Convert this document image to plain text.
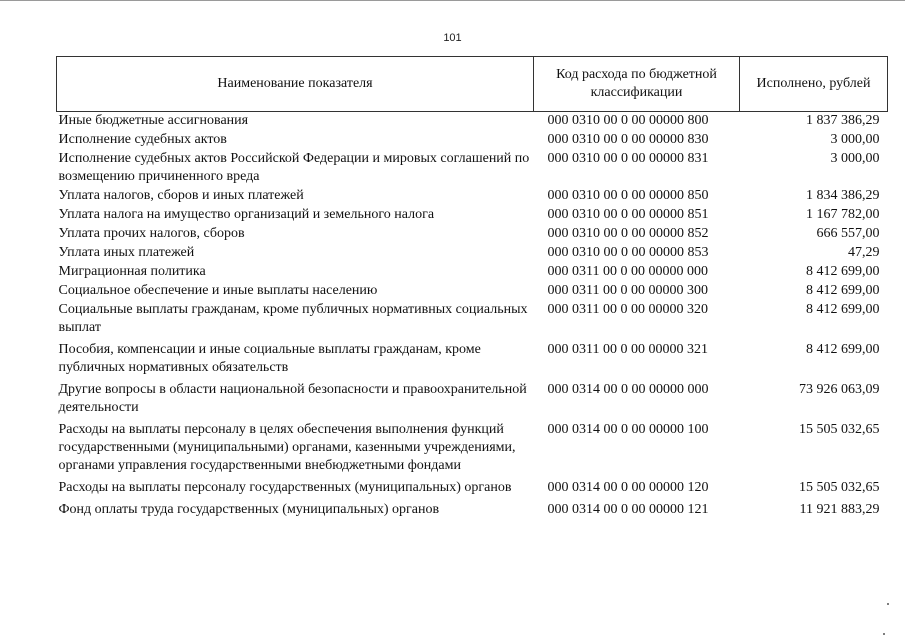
101
Наименование показателя	Код расхода по бюджетной классификации	Исполнено, рублей
Иные бюджетные ассигнования	000 0310 00 0 00 00000 800	1 837 386,29
Исполнение судебных актов	000 0310 00 0 00 00000 830	3 000,00
Исполнение судебных актов Российской Федерации и мировых соглашений по возмещению причиненного вреда	000 0310 00 0 00 00000 831	3 000,00
Уплата налогов, сборов и иных платежей	000 0310 00 0 00 00000 850	1 834 386,29
Уплата налога на имущество организаций и земельного налога	000 0310 00 0 00 00000 851	1 167 782,00
Уплата прочих налогов, сборов	000 0310 00 0 00 00000 852	666 557,00
Уплата иных платежей	000 0310 00 0 00 00000 853	47,29
Миграционная политика	000 0311 00 0 00 00000 000	8 412 699,00
Социальное обеспечение и иные выплаты населению	000 0311 00 0 00 00000 300	8 412 699,00
Социальные выплаты гражданам, кроме публичных нормативных социальных выплат	000 0311 00 0 00 00000 320	8 412 699,00
Пособия, компенсации и иные социальные выплаты гражданам, кроме публичных нормативных обязательств	000 0311 00 0 00 00000 321	8 412 699,00
Другие вопросы в области национальной безопасности и правоохранительной деятельности	000 0314 00 0 00 00000 000	73 926 063,09
Расходы на выплаты персоналу в целях обеспечения выполнения функций государственными (муниципальными) органами, казенными учреждениями, органами управления государственными внебюджетными фондами	000 0314 00 0 00 00000 100	15 505 032,65
Расходы на выплаты персоналу государственных (муниципальных) органов	000 0314 00 0 00 00000 120	15 505 032,65
Фонд оплаты труда государственных (муниципальных) органов	000 0314 00 0 00 00000 121	11 921 883,29
